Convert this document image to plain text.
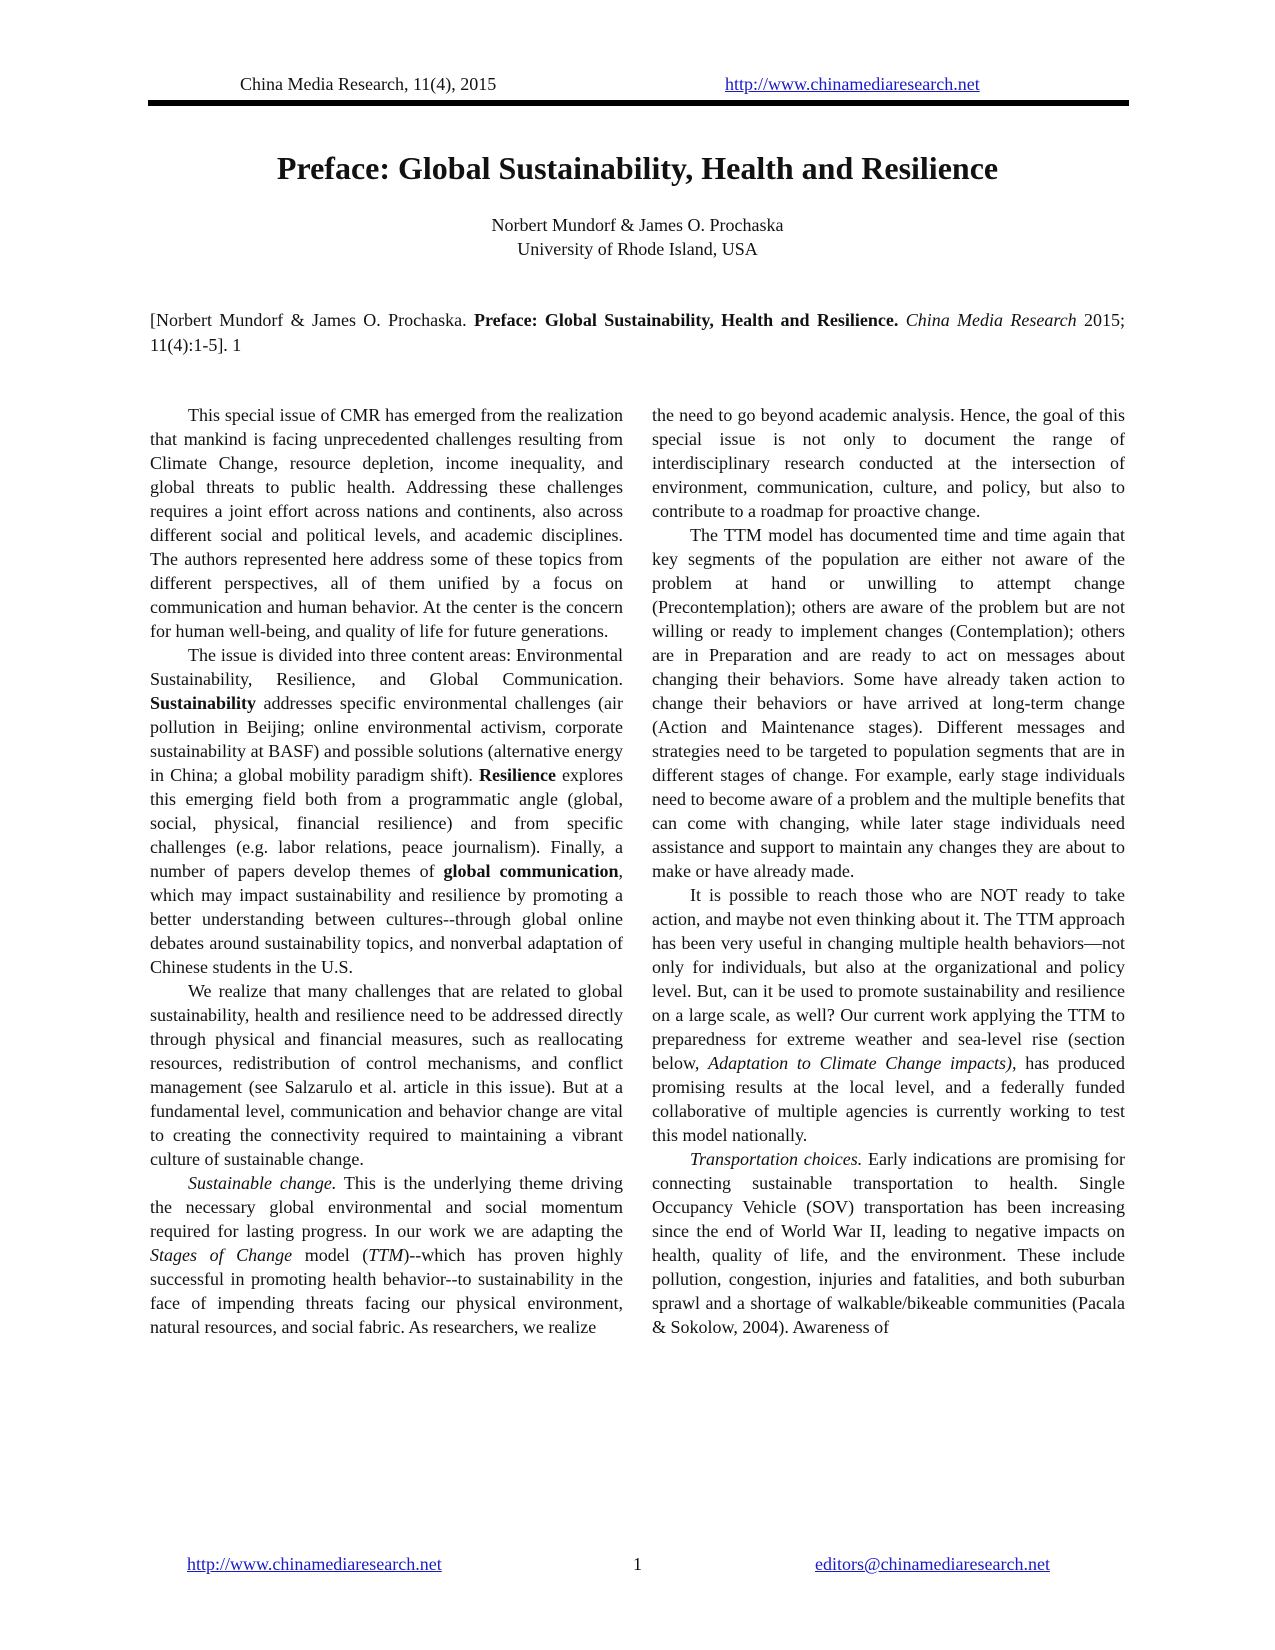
China Media Research, 11(4), 2015	http://www.chinamediaresearch.net
Preface: Global Sustainability, Health and Resilience
Norbert Mundorf & James O. Prochaska
University of Rhode Island, USA
[Norbert Mundorf & James O. Prochaska. Preface: Global Sustainability, Health and Resilience. China Media Research 2015; 11(4):1-5]. 1

This special issue of CMR has emerged from the realization that mankind is facing unprecedented challenges resulting from Climate Change, resource depletion, income inequality, and global threats to public health. Addressing these challenges requires a joint effort across nations and continents, also across different social and political levels, and academic disciplines. The authors represented here address some of these topics from different perspectives, all of them unified by a focus on communication and human behavior. At the center is the concern for human well-being, and quality of life for future generations.

The issue is divided into three content areas: Environmental Sustainability, Resilience, and Global Communication. Sustainability addresses specific environmental challenges (air pollution in Beijing; online environmental activism, corporate sustainability at BASF) and possible solutions (alternative energy in China; a global mobility paradigm shift). Resilience explores this emerging field both from a programmatic angle (global, social, physical, financial resilience) and from specific challenges (e.g. labor relations, peace journalism). Finally, a number of papers develop themes of global communication, which may impact sustainability and resilience by promoting a better understanding between cultures--through global online debates around sustainability topics, and nonverbal adaptation of Chinese students in the U.S.

We realize that many challenges that are related to global sustainability, health and resilience need to be addressed directly through physical and financial measures, such as reallocating resources, redistribution of control mechanisms, and conflict management (see Salzarulo et al. article in this issue). But at a fundamental level, communication and behavior change are vital to creating the connectivity required to maintaining a vibrant culture of sustainable change.

Sustainable change. This is the underlying theme driving the necessary global environmental and social momentum required for lasting progress. In our work we are adapting the Stages of Change model (TTM)--which has proven highly successful in promoting health behavior--to sustainability in the face of impending threats facing our physical environment, natural resources, and social fabric. As researchers, we realize

the need to go beyond academic analysis. Hence, the goal of this special issue is not only to document the range of interdisciplinary research conducted at the intersection of environment, communication, culture, and policy, but also to contribute to a roadmap for proactive change.

The TTM model has documented time and time again that key segments of the population are either not aware of the problem at hand or unwilling to attempt change (Precontemplation); others are aware of the problem but are not willing or ready to implement changes (Contemplation); others are in Preparation and are ready to act on messages about changing their behaviors. Some have already taken action to change their behaviors or have arrived at long-term change (Action and Maintenance stages). Different messages and strategies need to be targeted to population segments that are in different stages of change. For example, early stage individuals need to become aware of a problem and the multiple benefits that can come with changing, while later stage individuals need assistance and support to maintain any changes they are about to make or have already made.

It is possible to reach those who are NOT ready to take action, and maybe not even thinking about it. The TTM approach has been very useful in changing multiple health behaviors—not only for individuals, but also at the organizational and policy level. But, can it be used to promote sustainability and resilience on a large scale, as well? Our current work applying the TTM to preparedness for extreme weather and sea-level rise (section below, Adaptation to Climate Change impacts), has produced promising results at the local level, and a federally funded collaborative of multiple agencies is currently working to test this model nationally.

Transportation choices. Early indications are promising for connecting sustainable transportation to health. Single Occupancy Vehicle (SOV) transportation has been increasing since the end of World War II, leading to negative impacts on health, quality of life, and the environment. These include pollution, congestion, injuries and fatalities, and both suburban sprawl and a shortage of walkable/bikeable communities (Pacala & Sokolow, 2004). Awareness of

http://www.chinamediaresearch.net	1	editors@chinamediaresearch.net
